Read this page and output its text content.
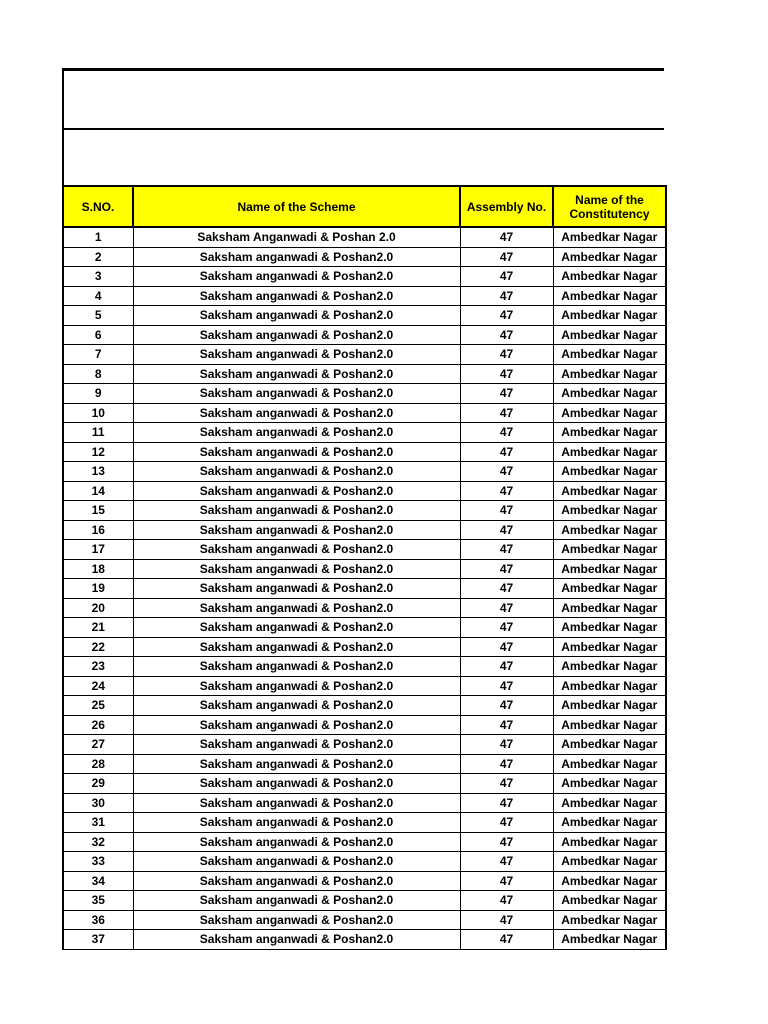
S.NO.	Name of the Scheme	Assembly No.	Name of the Constitutency
1	Saksham Anganwadi & Poshan 2.0	47	Ambedkar Nagar
2	Saksham anganwadi & Poshan2.0	47	Ambedkar Nagar
3	Saksham anganwadi & Poshan2.0	47	Ambedkar Nagar
4	Saksham anganwadi & Poshan2.0	47	Ambedkar Nagar
5	Saksham anganwadi & Poshan2.0	47	Ambedkar Nagar
6	Saksham anganwadi & Poshan2.0	47	Ambedkar Nagar
7	Saksham anganwadi & Poshan2.0	47	Ambedkar Nagar
8	Saksham anganwadi & Poshan2.0	47	Ambedkar Nagar
9	Saksham anganwadi & Poshan2.0	47	Ambedkar Nagar
10	Saksham anganwadi & Poshan2.0	47	Ambedkar Nagar
11	Saksham anganwadi & Poshan2.0	47	Ambedkar Nagar
12	Saksham anganwadi & Poshan2.0	47	Ambedkar Nagar
13	Saksham anganwadi & Poshan2.0	47	Ambedkar Nagar
14	Saksham anganwadi & Poshan2.0	47	Ambedkar Nagar
15	Saksham anganwadi & Poshan2.0	47	Ambedkar Nagar
16	Saksham anganwadi & Poshan2.0	47	Ambedkar Nagar
17	Saksham anganwadi & Poshan2.0	47	Ambedkar Nagar
18	Saksham anganwadi & Poshan2.0	47	Ambedkar Nagar
19	Saksham anganwadi & Poshan2.0	47	Ambedkar Nagar
20	Saksham anganwadi & Poshan2.0	47	Ambedkar Nagar
21	Saksham anganwadi & Poshan2.0	47	Ambedkar Nagar
22	Saksham anganwadi & Poshan2.0	47	Ambedkar Nagar
23	Saksham anganwadi & Poshan2.0	47	Ambedkar Nagar
24	Saksham anganwadi & Poshan2.0	47	Ambedkar Nagar
25	Saksham anganwadi & Poshan2.0	47	Ambedkar Nagar
26	Saksham anganwadi & Poshan2.0	47	Ambedkar Nagar
27	Saksham anganwadi & Poshan2.0	47	Ambedkar Nagar
28	Saksham anganwadi & Poshan2.0	47	Ambedkar Nagar
29	Saksham anganwadi & Poshan2.0	47	Ambedkar Nagar
30	Saksham anganwadi & Poshan2.0	47	Ambedkar Nagar
31	Saksham anganwadi & Poshan2.0	47	Ambedkar Nagar
32	Saksham anganwadi & Poshan2.0	47	Ambedkar Nagar
33	Saksham anganwadi & Poshan2.0	47	Ambedkar Nagar
34	Saksham anganwadi & Poshan2.0	47	Ambedkar Nagar
35	Saksham anganwadi & Poshan2.0	47	Ambedkar Nagar
36	Saksham anganwadi & Poshan2.0	47	Ambedkar Nagar
37	Saksham anganwadi & Poshan2.0	47	Ambedkar Nagar
